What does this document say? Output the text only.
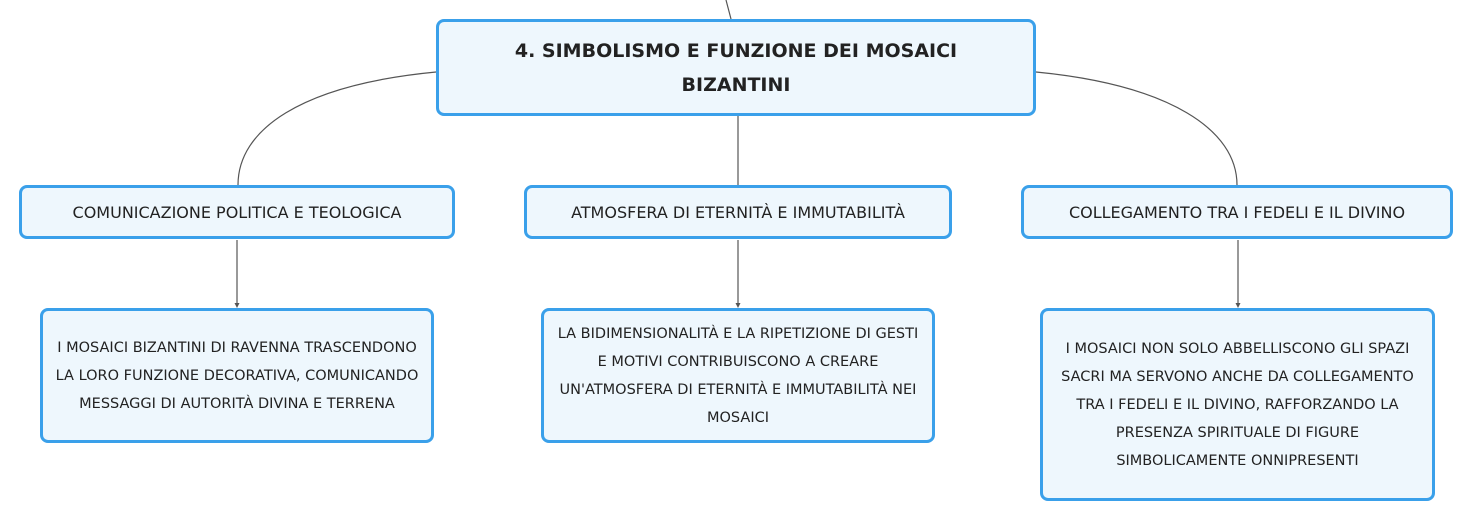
4. SIMBOLISMO E FUNZIONE DEI MOSAICI BIZANTINI
COMUNICAZIONE POLITICA E TEOLOGICA	ATMOSFERA DI ETERNITÀ E IMMUTABILITÀ	COLLEGAMENTO TRA I FEDELI E IL DIVINO
I MOSAICI BIZANTINI DI RAVENNA TRASCENDONO LA LORO FUNZIONE DECORATIVA, COMUNICANDO MESSAGGI DI AUTORITÀ DIVINA E TERRENA
LA BIDIMENSIONALITÀ E LA RIPETIZIONE DI GESTI E MOTIVI CONTRIBUISCONO A CREARE UN'ATMOSFERA DI ETERNITÀ E IMMUTABILITÀ NEI MOSAICI
I MOSAICI NON SOLO ABBELLISCONO GLI SPAZI SACRI MA SERVONO ANCHE DA COLLEGAMENTO TRA I FEDELI E IL DIVINO, RAFFORZANDO LA PRESENZA SPIRITUALE DI FIGURE SIMBOLICAMENTE ONNIPRESENTI
